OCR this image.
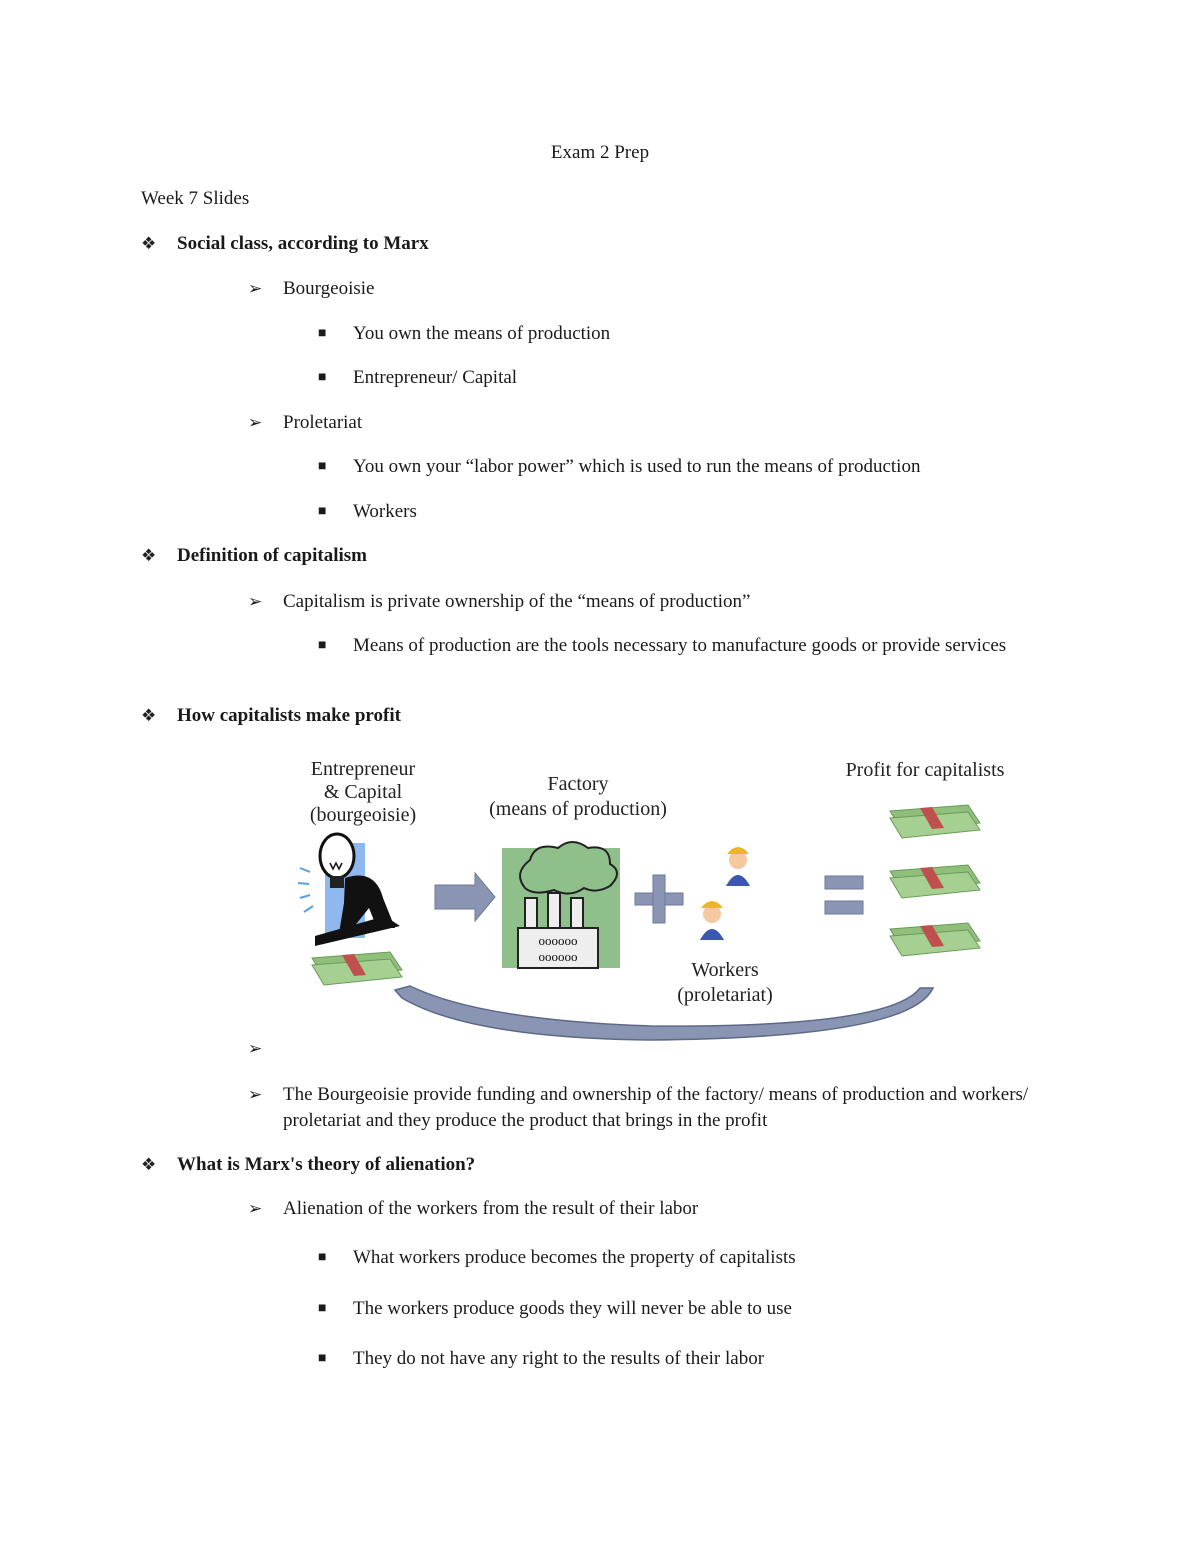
Exam 2 Prep
Week 7 Slides
❖ Social class, according to Marx
➢ Bourgeoisie
■ You own the means of production
■ Entrepreneur/ Capital
➢ Proletariat
■ You own your “labor power” which is used to run the means of production
■ Workers
❖ Definition of capitalism
➢ Capitalism is private ownership of the “means of production”
■ Means of production are the tools necessary to manufacture goods or provide services
❖ How capitalists make profit
Entrepreneur
& Capital
(bourgeoisie)
Factory
(means of production)
oooooo
oooooo
Workers
(proletariat)
Profit for capitalists
➢
➢ The Bourgeoisie provide funding and ownership of the factory/ means of production and workers/ proletariat and they produce the product that brings in the profit
❖ What is Marx's theory of alienation?
➢ Alienation of the workers from the result of their labor
■ What workers produce becomes the property of capitalists
■ The workers produce goods they will never be able to use
■ They do not have any right to the results of their labor
